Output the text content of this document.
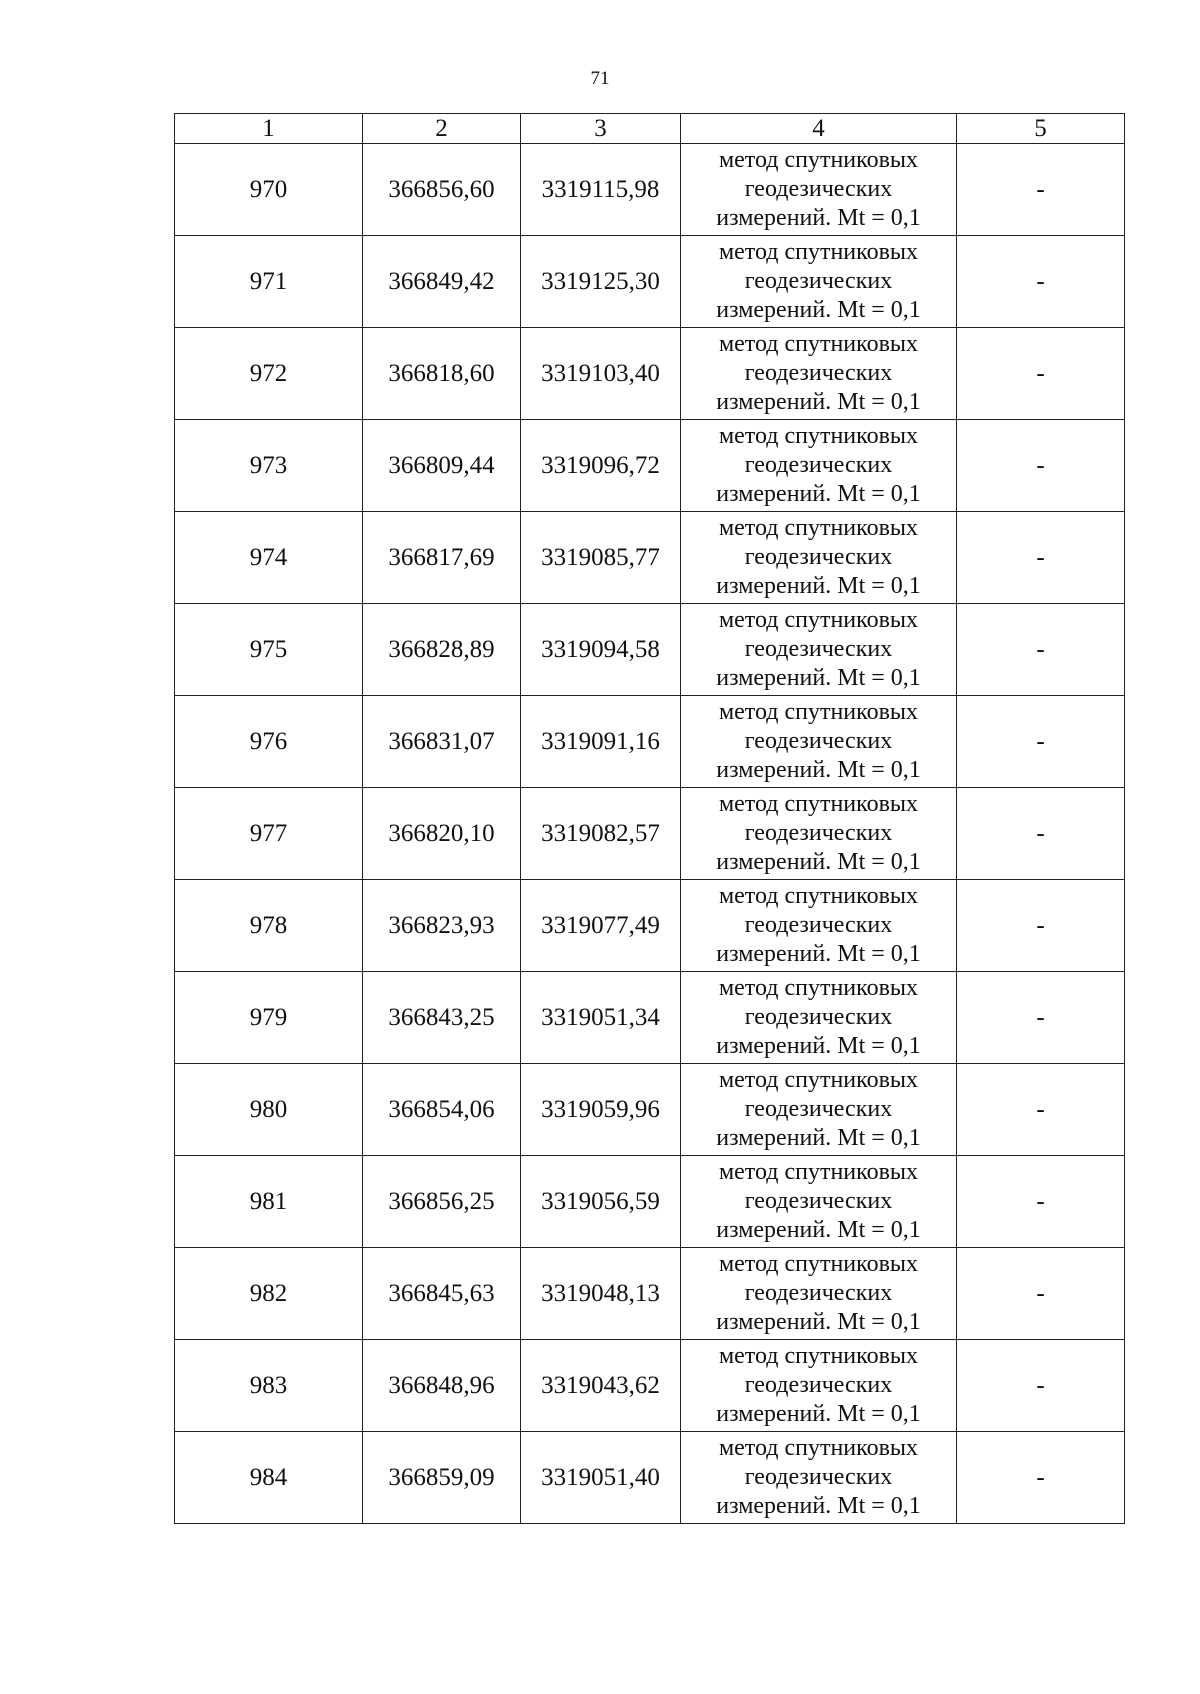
71
1	2	3	4	5
970	366856,60	3319115,98	метод спутниковых
геодезических
измерений. Mt = 0,1	-
971	366849,42	3319125,30	метод спутниковых
геодезических
измерений. Mt = 0,1	-
972	366818,60	3319103,40	метод спутниковых
геодезических
измерений. Mt = 0,1	-
973	366809,44	3319096,72	метод спутниковых
геодезических
измерений. Mt = 0,1	-
974	366817,69	3319085,77	метод спутниковых
геодезических
измерений. Mt = 0,1	-
975	366828,89	3319094,58	метод спутниковых
геодезических
измерений. Mt = 0,1	-
976	366831,07	3319091,16	метод спутниковых
геодезических
измерений. Mt = 0,1	-
977	366820,10	3319082,57	метод спутниковых
геодезических
измерений. Mt = 0,1	-
978	366823,93	3319077,49	метод спутниковых
геодезических
измерений. Mt = 0,1	-
979	366843,25	3319051,34	метод спутниковых
геодезических
измерений. Mt = 0,1	-
980	366854,06	3319059,96	метод спутниковых
геодезических
измерений. Mt = 0,1	-
981	366856,25	3319056,59	метод спутниковых
геодезических
измерений. Mt = 0,1	-
982	366845,63	3319048,13	метод спутниковых
геодезических
измерений. Mt = 0,1	-
983	366848,96	3319043,62	метод спутниковых
геодезических
измерений. Mt = 0,1	-
984	366859,09	3319051,40	метод спутниковых
геодезических
измерений. Mt = 0,1	-
